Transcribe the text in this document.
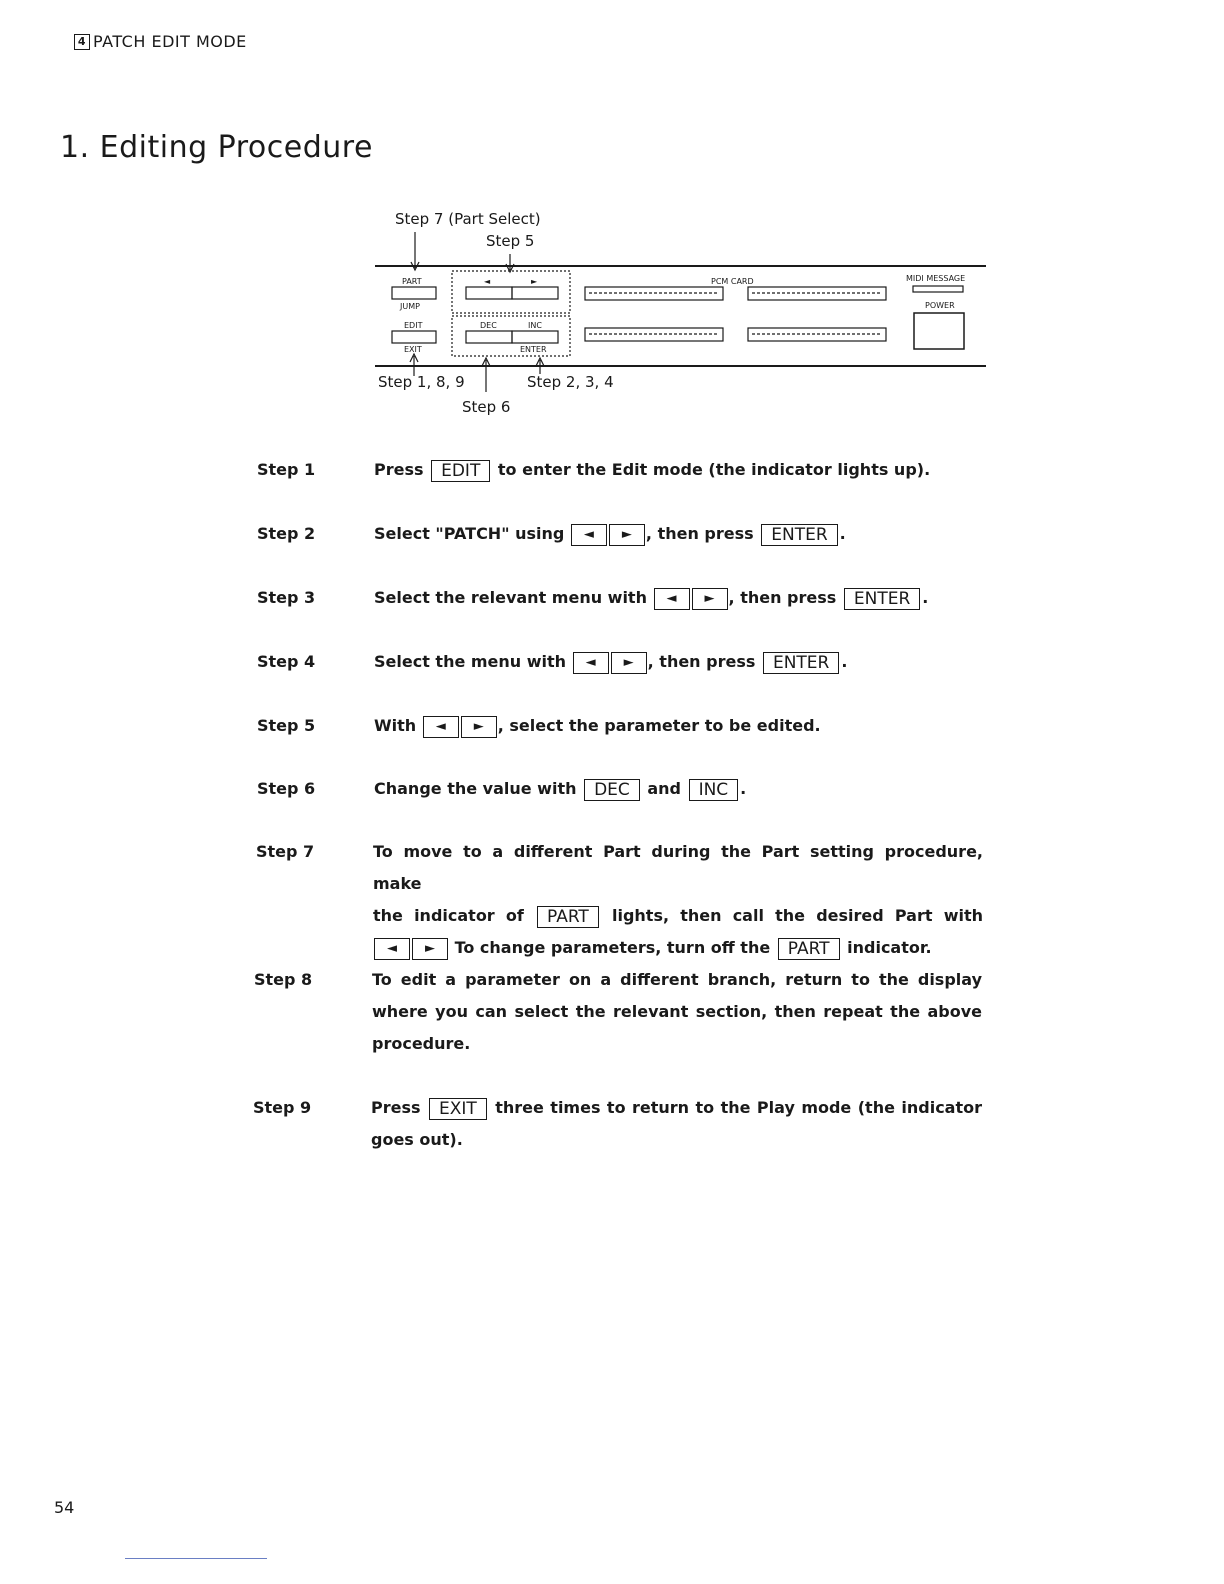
4 PATCH EDIT MODE
1. Editing Procedure
PART
JUMP
EDIT
EXIT
◄	►
DEC	INC
ENTER
PCM CARD	MIDI MESSAGE
POWER
Step 7 (Part Select)
Step 5
Step 1, 8, 9	Step 2, 3, 4
Step 6
Step 1	Press EDIT to enter the Edit mode (the indicator lights up).
Step 2	Select "PATCH" using ◄ ► , then press ENTER .
Step 3	Select the relevant menu with ◄ ► , then press ENTER .
Step 4	Select the menu with ◄ ► , then press ENTER .
Step 5	With ◄ ► , select the parameter to be edited.
Step 6	Change the value with DEC and INC .
Step 7	To move to a different Part during the Part setting procedure, make
the indicator of PART lights, then call the desired Part with
◄ ► To change parameters, turn off the PART indicator.
Step 8	To edit a parameter on a different branch, return to the display
where you can select the relevant section, then repeat the above
procedure.
Step 9	Press EXIT three times to return to the Play mode (the indicator
goes out).
54
